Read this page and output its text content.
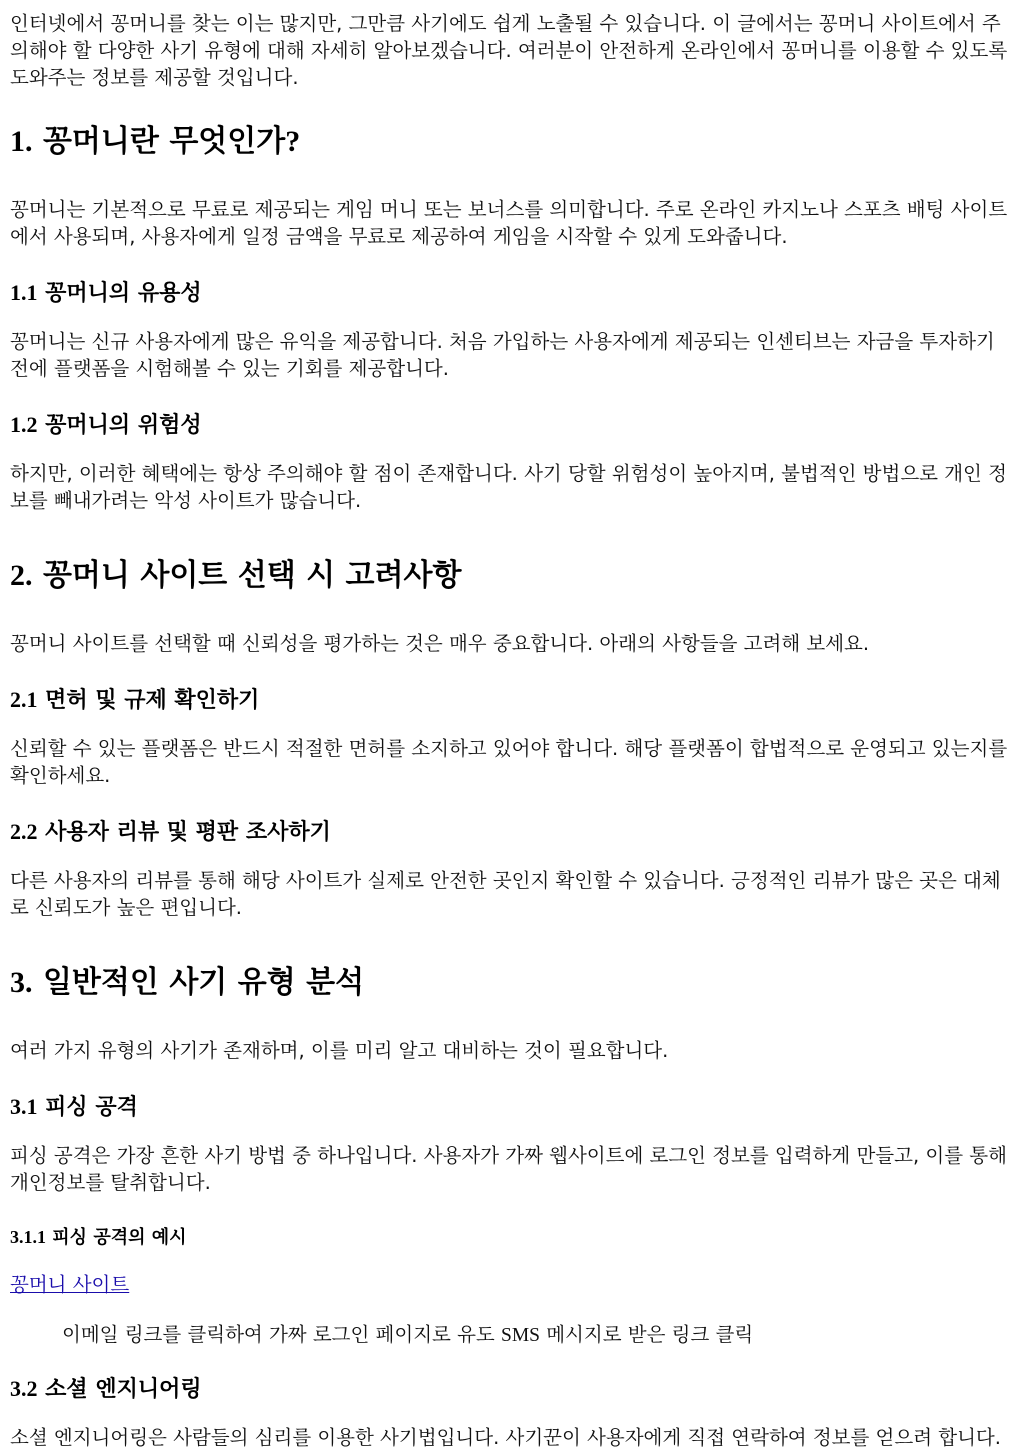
인터넷에서 꽁머니를 찾는 이는 많지만, 그만큼 사기에도 쉽게 노출될 수 있습니다. 이 글에서는 꽁머니 사이트에서 주의해야 할 다양한 사기 유형에 대해 자세히 알아보겠습니다. 여러분이 안전하게 온라인에서 꽁머니를 이용할 수 있도록 도와주는 정보를 제공할 것입니다.

1. 꽁머니란 무엇인가?

꽁머니는 기본적으로 무료로 제공되는 게임 머니 또는 보너스를 의미합니다. 주로 온라인 카지노나 스포츠 배팅 사이트에서 사용되며, 사용자에게 일정 금액을 무료로 제공하여 게임을 시작할 수 있게 도와줍니다.

1.1 꽁머니의 유용성

꽁머니는 신규 사용자에게 많은 유익을 제공합니다. 처음 가입하는 사용자에게 제공되는 인센티브는 자금을 투자하기 전에 플랫폼을 시험해볼 수 있는 기회를 제공합니다.

1.2 꽁머니의 위험성

하지만, 이러한 혜택에는 항상 주의해야 할 점이 존재합니다. 사기 당할 위험성이 높아지며, 불법적인 방법으로 개인 정보를 빼내가려는 악성 사이트가 많습니다.

2. 꽁머니 사이트 선택 시 고려사항

꽁머니 사이트를 선택할 때 신뢰성을 평가하는 것은 매우 중요합니다. 아래의 사항들을 고려해 보세요.

2.1 면허 및 규제 확인하기

신뢰할 수 있는 플랫폼은 반드시 적절한 면허를 소지하고 있어야 합니다. 해당 플랫폼이 합법적으로 운영되고 있는지를 확인하세요.

2.2 사용자 리뷰 및 평판 조사하기

다른 사용자의 리뷰를 통해 해당 사이트가 실제로 안전한 곳인지 확인할 수 있습니다. 긍정적인 리뷰가 많은 곳은 대체로 신뢰도가 높은 편입니다.

3. 일반적인 사기 유형 분석

여러 가지 유형의 사기가 존재하며, 이를 미리 알고 대비하는 것이 필요합니다.

3.1 피싱 공격

피싱 공격은 가장 흔한 사기 방법 중 하나입니다. 사용자가 가짜 웹사이트에 로그인 정보를 입력하게 만들고, 이를 통해 개인정보를 탈취합니다.

3.1.1 피싱 공격의 예시
꽁머니 사이트
이메일 링크를 클릭하여 가짜 로그인 페이지로 유도 SMS 메시지로 받은 링크 클릭
3.2 소셜 엔지니어링

소셜 엔지니어링은 사람들의 심리를 이용한 사기법입니다. 사기꾼이 사용자에게 직접 연락하여 정보를 얻으려 합니다.
